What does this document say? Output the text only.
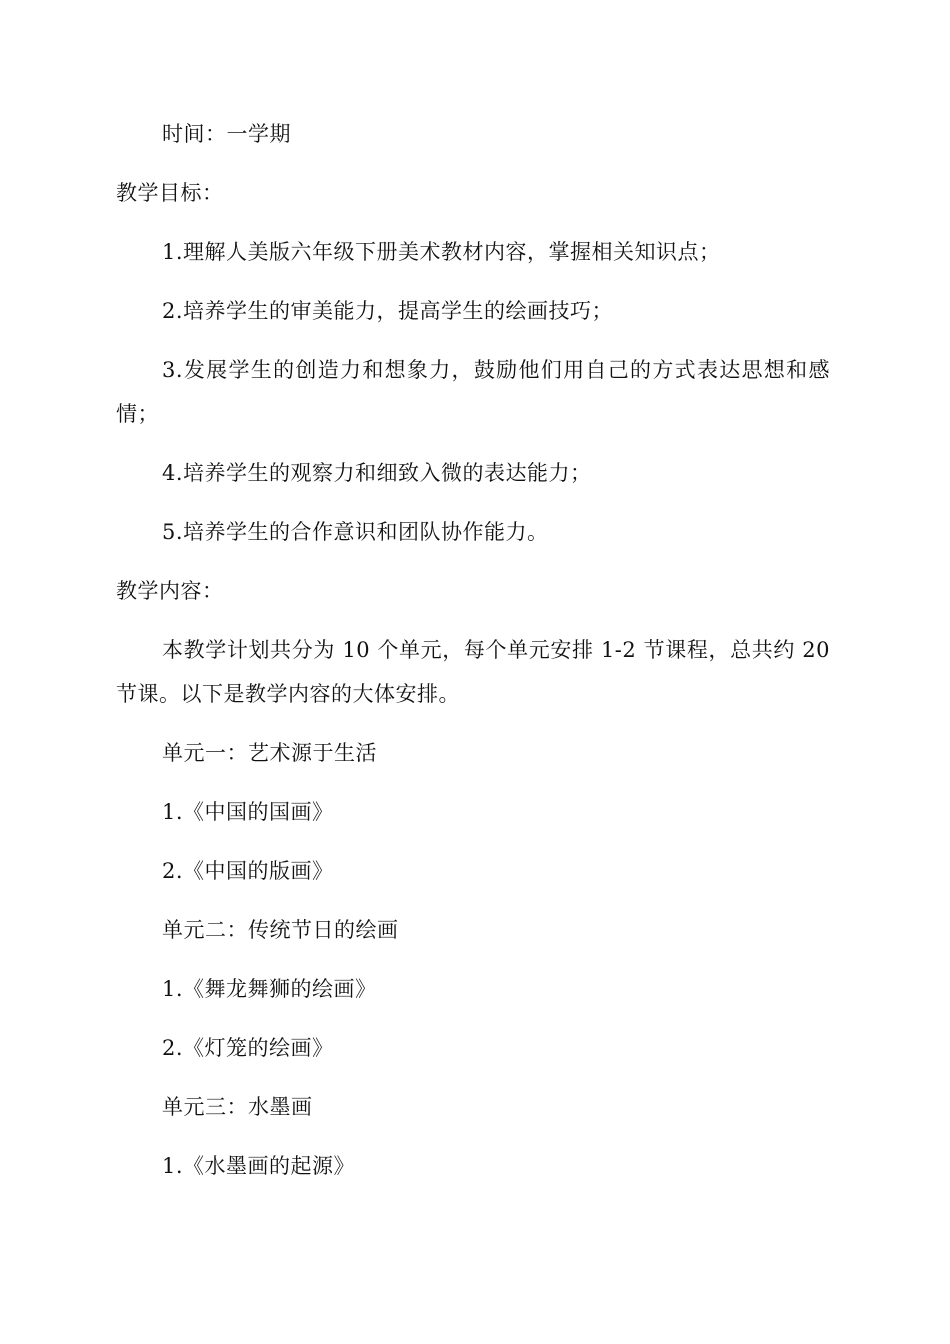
时间：一学期

教学目标：

1.理解人美版六年级下册美术教材内容，掌握相关知识点；

2.培养学生的审美能力，提高学生的绘画技巧；

3.发展学生的创造力和想象力，鼓励他们用自己的方式表达思想和感情；

4.培养学生的观察力和细致入微的表达能力；

5.培养学生的合作意识和团队协作能力。

教学内容：

本教学计划共分为 10 个单元，每个单元安排 1-2 节课程，总共约 20 节课。以下是教学内容的大体安排。

单元一：艺术源于生活

1.《中国的国画》

2.《中国的版画》

单元二：传统节日的绘画

1.《舞龙舞狮的绘画》

2.《灯笼的绘画》

单元三：水墨画

1.《水墨画的起源》
